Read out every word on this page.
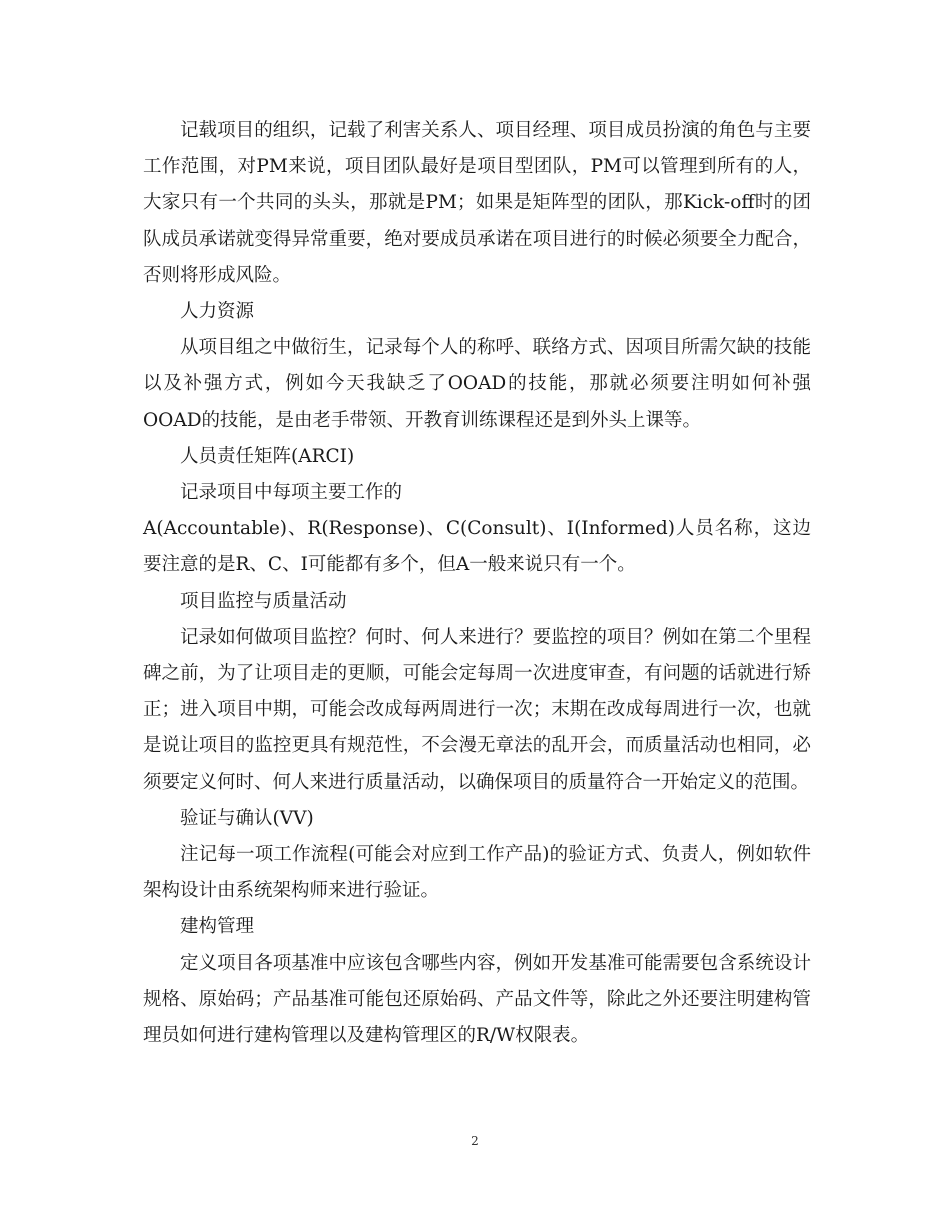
记载项目的组织，记载了利害关系人、项目经理、项目成员扮演的角色与主要工作范围，对PM来说，项目团队最好是项目型团队，PM可以管理到所有的人，大家只有一个共同的头头，那就是PM；如果是矩阵型的团队，那Kick-off时的团队成员承诺就变得异常重要，绝对要成员承诺在项目进行的时候必须要全力配合，否则将形成风险。

人力资源

从项目组之中做衍生，记录每个人的称呼、联络方式、因项目所需欠缺的技能以及补强方式，例如今天我缺乏了OOAD的技能，那就必须要注明如何补强OOAD的技能，是由老手带领、开教育训练课程还是到外头上课等。

人员责任矩阵(ARCI)

记录项目中每项主要工作的

A(Accountable)、R(Response)、C(Consult)、I(Informed)人员名称，这边要注意的是R、C、I可能都有多个，但A一般来说只有一个。

项目监控与质量活动

记录如何做项目监控？何时、何人来进行？要监控的项目？例如在第二个里程碑之前，为了让项目走的更顺，可能会定每周一次进度审查，有问题的话就进行矫正；进入项目中期，可能会改成每两周进行一次；末期在改成每周进行一次，也就是说让项目的监控更具有规范性，不会漫无章法的乱开会，而质量活动也相同，必须要定义何时、何人来进行质量活动，以确保项目的质量符合一开始定义的范围。

验证与确认(VV)

注记每一项工作流程(可能会对应到工作产品)的验证方式、负责人，例如软件架构设计由系统架构师来进行验证。

建构管理

定义项目各项基准中应该包含哪些内容，例如开发基准可能需要包含系统设计规格、原始码；产品基准可能包还原始码、产品文件等，除此之外还要注明建构管理员如何进行建构管理以及建构管理区的R/W权限表。

2
